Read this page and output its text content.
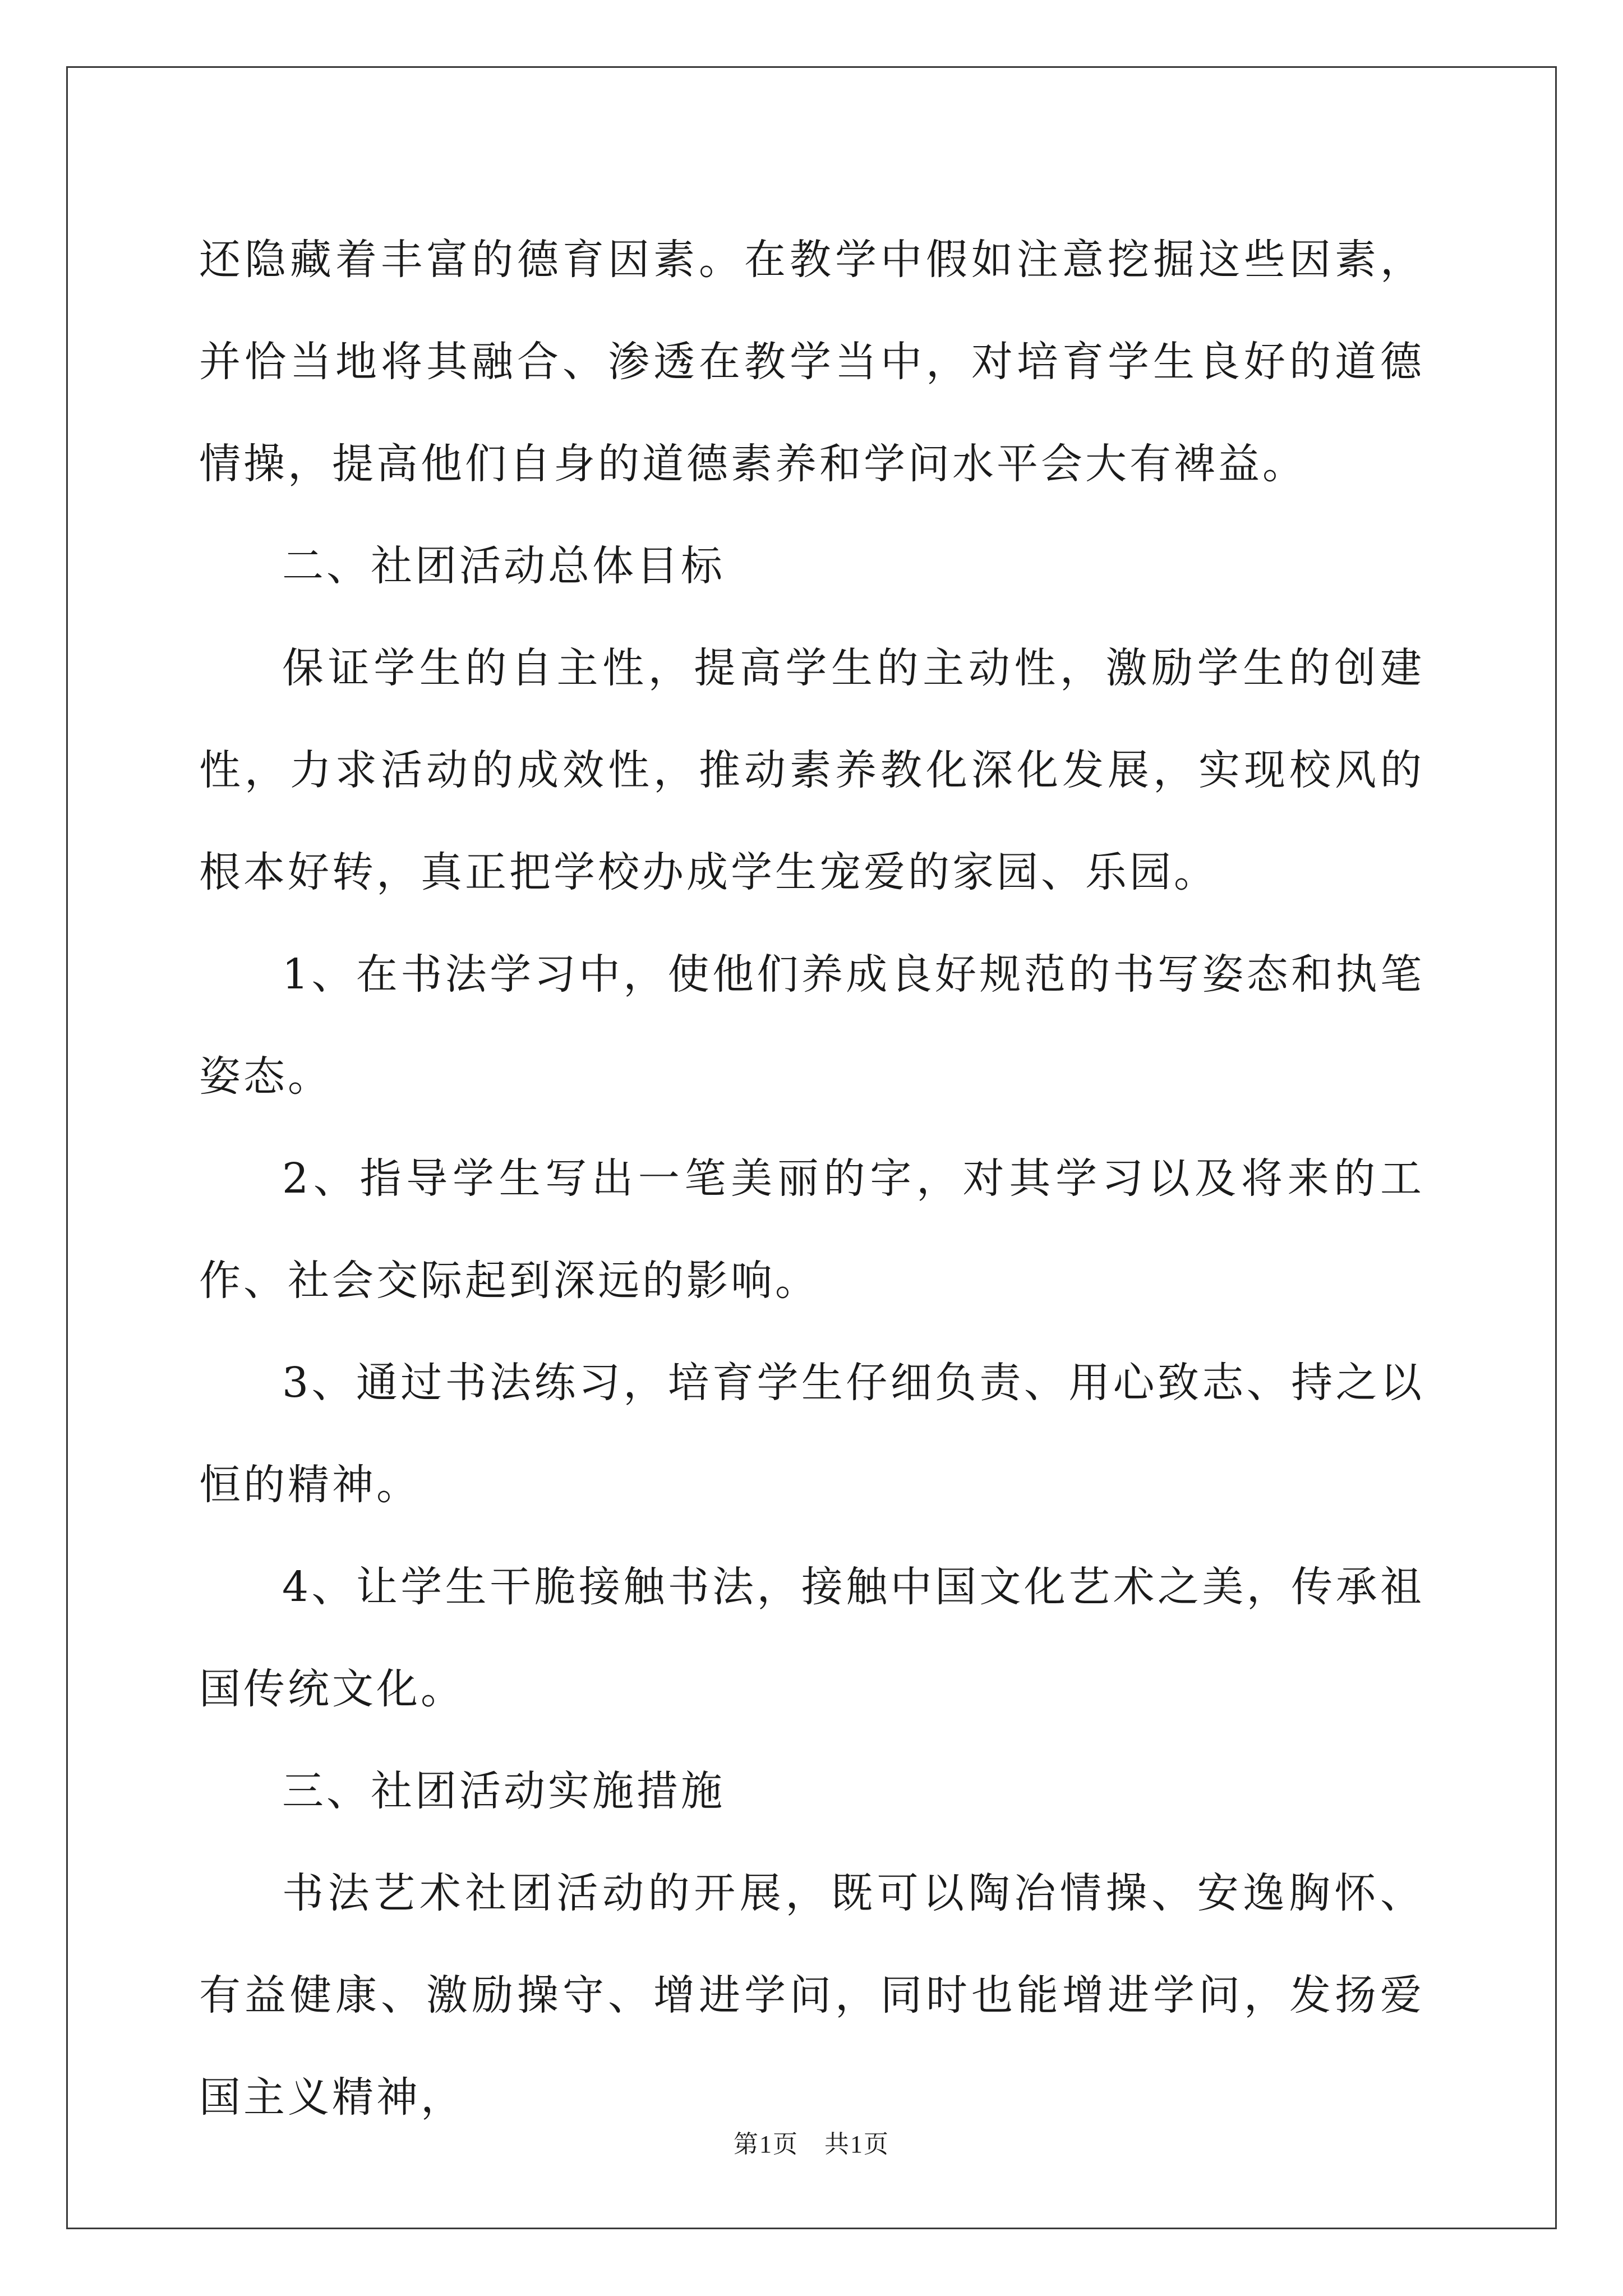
还隐藏着丰富的德育因素。在教学中假如注意挖掘这些因素，并恰当地将其融合、渗透在教学当中，对培育学生良好的道德情操，提高他们自身的道德素养和学问水平会大有裨益。

二、社团活动总体目标

保证学生的自主性，提高学生的主动性，激励学生的创建性，力求活动的成效性，推动素养教化深化发展，实现校风的根本好转，真正把学校办成学生宠爱的家园、乐园。

1、在书法学习中，使他们养成良好规范的书写姿态和执笔姿态。

2、指导学生写出一笔美丽的字，对其学习以及将来的工作、社会交际起到深远的影响。

3、通过书法练习，培育学生仔细负责、用心致志、持之以恒的精神。

4、让学生干脆接触书法，接触中国文化艺术之美，传承祖国传统文化。

三、社团活动实施措施

书法艺术社团活动的开展，既可以陶冶情操、安逸胸怀、有益健康、激励操守、增进学问，同时也能增进学问，发扬爱国主义精神，

第1页　共1页
